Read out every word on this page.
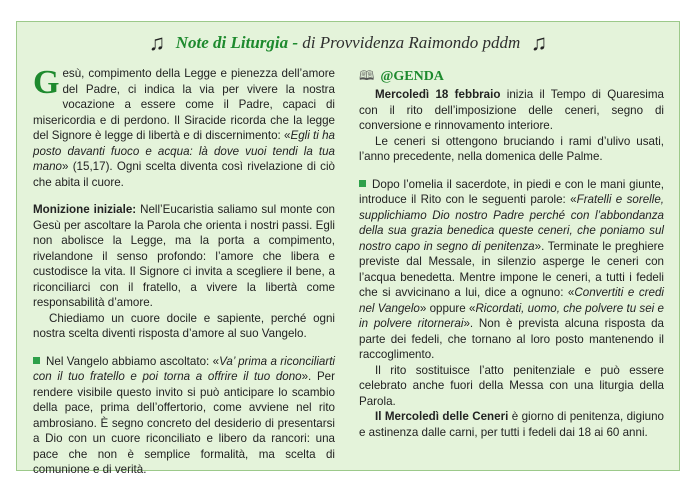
♫ Note di Liturgia - di Provvidenza Raimondo pddm ♫

Gesù, compimento della Legge e pienezza dell’amore del Padre, ci indica la via per vivere la nostra vocazione a essere come il Padre, capaci di misericordia e di perdono. Il Siracide ricorda che la legge del Signore è legge di libertà e di discernimento: «Egli ti ha posto davanti fuoco e acqua: là dove vuoi tendi la tua mano» (15,17). Ogni scelta diventa così rivelazione di ciò che abita il cuore.

Monizione iniziale: Nell’Eucaristia saliamo sul monte con Gesù per ascoltare la Parola che orienta i nostri passi. Egli non abolisce la Legge, ma la porta a compimento, rivelandone il senso profondo: l’amore che libera e custodisce la vita. Il Signore ci invita a scegliere il bene, a riconciliarci con il fratello, a vivere la libertà come responsabilità d’amore.

Chiediamo un cuore docile e sapiente, perché ogni nostra scelta diventi risposta d’amore al suo Vangelo.

Nel Vangelo abbiamo ascoltato: «Va’ prima a riconciliarti con il tuo fratello e poi torna a offrire il tuo dono». Per rendere visibile questo invito si può anticipare lo scambio della pace, prima dell’offertorio, come avviene nel rito ambrosiano. È segno concreto del desiderio di presentarsi a Dio con un cuore riconciliato e libero da rancori: una pace che non è semplice formalità, ma scelta di comunione e di verità.

🕮 @GENDA

Mercoledì 18 febbraio inizia il Tempo di Quaresima con il rito dell’imposizione delle ceneri, segno di conversione e rinnovamento interiore.

Le ceneri si ottengono bruciando i rami d’ulivo usati, l’anno precedente, nella domenica delle Palme.

Dopo l’omelia il sacerdote, in piedi e con le mani giunte, introduce il Rito con le seguenti parole: «Fratelli e sorelle, supplichiamo Dio nostro Padre perché con l’abbondanza della sua grazia benedica queste ceneri, che poniamo sul nostro capo in segno di penitenza». Terminate le preghiere previste dal Messale, in silenzio asperge le ceneri con l’acqua benedetta. Mentre impone le ceneri, a tutti i fedeli che si avvicinano a lui, dice a ognuno: «Convertiti e credi nel Vangelo» oppure «Ricordati, uomo, che polvere tu sei e in polvere ritornerai». Non è prevista alcuna risposta da parte dei fedeli, che tornano al loro posto mantenendo il raccoglimento.

Il rito sostituisce l’atto penitenziale e può essere celebrato anche fuori della Messa con una liturgia della Parola.

Il Mercoledì delle Ceneri è giorno di penitenza, digiuno e astinenza dalle carni, per tutti i fedeli dai 18 ai 60 anni.
